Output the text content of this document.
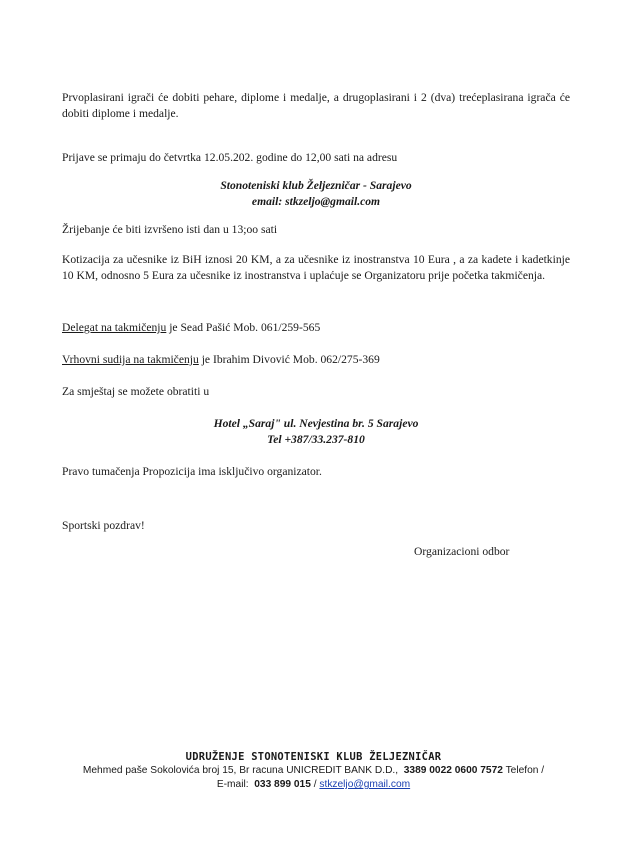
Prvoplasirani igrači će dobiti pehare, diplome i medalje, a drugoplasirani i 2 (dva) trećeplasirana igrača će dobiti diplome i medalje.

Prijave se primaju do četvrtka 12.05.202. godine do 12,00 sati na adresu

Stonoteniski klub Željezničar - Sarajevo

email: stkzeljo@gmail.com

Žrijebanje će biti izvršeno isti dan u 13;oo sati

Kotizacija za učesnike iz BiH iznosi 20 KM, a za učesnike iz inostranstva 10 Eura , a za kadete i kadetkinje 10 KM, odnosno 5 Eura za učesnike iz inostranstva i uplaćuje se Organizatoru prije početka takmičenja.

Delegat na takmičenju je Sead Pašić Mob. 061/259-565

Vrhovni sudija na takmičenju je Ibrahim Divović Mob. 062/275-369

Za smještaj se možete obratiti u

Hotel „Saraj" ul. Nevjestina br. 5 Sarajevo

Tel +387/33.237-810

Pravo tumačenja Propozicija ima isključivo organizator.

Sportski pozdrav!

Organizacioni odbor

UDRUŽENJE STONOTENISKI KLUB ŽELJEZNIČAR
Mehmed paše Sokolovića broj 15, Br racuna UNICREDIT BANK D.D., 3389 0022 0600 7572 Telefon /
E-mail: 033 899 015 / stkzeljo@gmail.com
